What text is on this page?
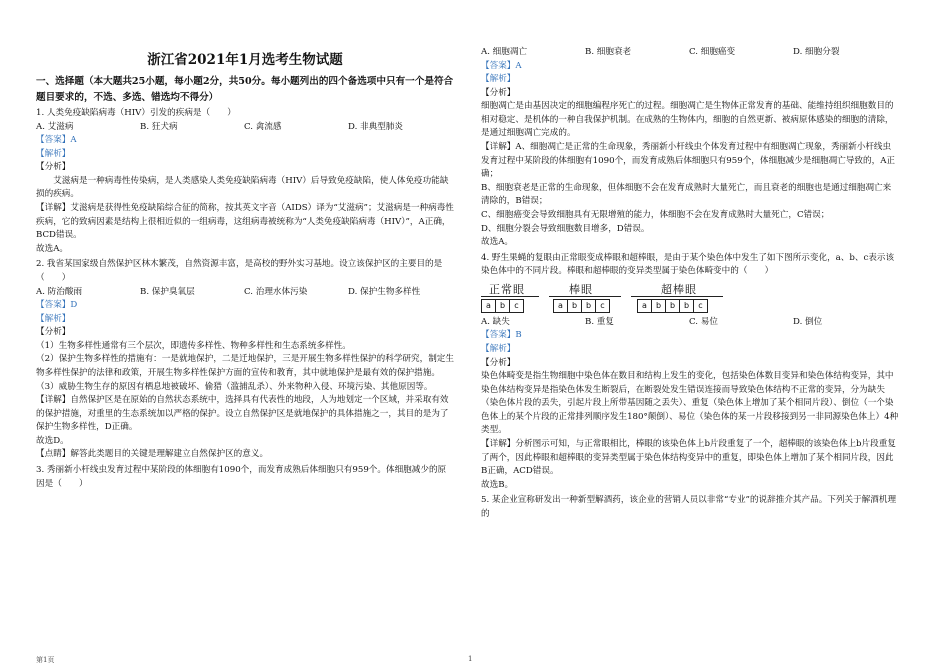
浙江省2021年1月选考生物试题

一、选择题（本大题共25小题，每小题2分，共50分。每小题列出的四个备选项中只有一个是符合题目要求的，不选、多选、错选均不得分）

1. 人类免疫缺陷病毒（HIV）引发的疾病是（　　）

A. 艾滋病	B. 狂犬病	C. 禽流感	D. 非典型肺炎

【答案】A

【解析】

【分析】

艾滋病是一种病毒性传染病，是人类感染人类免疫缺陷病毒（HIV）后导致免疫缺陷，使人体免疫功能缺损的疾病。

【详解】艾滋病是获得性免疫缺陷综合征的简称，按其英文字音（AIDS）译为“艾滋病”；艾滋病是一种病毒性疾病，它的致病因素是结构上很相近似的一组病毒，这组病毒被统称为“人类免疫缺陷病毒（HIV）”，A正确，BCD错误。

故选A。

2. 我省某国家级自然保护区林木繁茂，自然资源丰富，是高校的野外实习基地。设立该保护区的主要目的是（　　）

A. 防治酸雨	B. 保护臭氧层	C. 治理水体污染	D. 保护生物多样性

【答案】D

【解析】

【分析】

（1）生物多样性通常有三个层次，即遗传多样性、物种多样性和生态系统多样性。

（2）保护生物多样性的措施有：一是就地保护，二是迁地保护，三是开展生物多样性保护的科学研究，制定生物多样性保护的法律和政策，开展生物多样性保护方面的宣传和教育，其中就地保护是最有效的保护措施。

（3）威胁生物生存的原因有栖息地被破坏、偷猎（滥捕乱杀）、外来物种入侵、环境污染、其他原因等。

【详解】自然保护区是在原始的自然状态系统中，选择具有代表性的地段，人为地划定一个区域，并采取有效的保护措施，对重里的生态系统加以严格的保护。设立自然保护区是就地保护的具体措施之一，其目的是为了保护生物多样性，D正确。

故选D。

【点睛】解答此类题目的关键是理解建立自然保护区的意义。

3. 秀丽新小杆线虫发育过程中某阶段的体细胞有1090个，而发育成熟后体细胞只有959个。体细胞减少的原因是（　　）

A. 细胞凋亡	B. 细胞衰老	C. 细胞癌变	D. 细胞分裂

【答案】A

【解析】

【分析】

细胞凋亡是由基因决定的细胞编程序死亡的过程。细胞凋亡是生物体正常发育的基础、能维持组织细胞数目的相对稳定、是机体的一种自我保护机制。在成熟的生物体内，细胞的自然更新、被病原体感染的细胞的清除，是通过细胞凋亡完成的。

【详解】A、细胞凋亡是正常的生命现象，秀丽新小杆线虫个体发育过程中有细胞凋亡现象，秀丽新小杆线虫发育过程中某阶段的体细胞有1090个，而发育成熟后体细胞只有959个，体细胞减少是细胞凋亡导致的，A正确；

B、细胞衰老是正常的生命现象，但体细胞不会在发育成熟时大量死亡，而且衰老的细胞也是通过细胞凋亡来清除的，B错误；

C、细胞癌变会导致细胞具有无限增殖的能力，体细胞不会在发育成熟时大量死亡，C错误；

D、细胞分裂会导致细胞数目增多，D错误。

故选A。

4. 野生果蝇的复眼由正常眼变成棒眼和超棒眼，是由于某个染色体中发生了如下图所示变化，a、b、c表示该染色体中的不同片段。棒眼和超棒眼的变异类型属于染色体畸变中的（　　）

正常眼
a	b	c
棒眼
a	b	b	c
超棒眼
a	b	b	b	c
A. 缺失	B. 重复	C. 易位	D. 倒位

【答案】B

【解析】

【分析】

染色体畸变是指生物细胞中染色体在数目和结构上发生的变化，包括染色体数目变异和染色体结构变异，其中染色体结构变异是指染色体发生断裂后，在断裂处发生错误连接而导致染色体结构不正常的变异，分为缺失（染色体片段的丢失，引起片段上所带基因随之丢失）、重复（染色体上增加了某个相同片段）、倒位（一个染色体上的某个片段的正常排列顺序发生180°颠倒）、易位（染色体的某一片段移接到另一非同源染色体上）4种类型。

【详解】分析图示可知，与正常眼相比，棒眼的该染色体上b片段重复了一个，超棒眼的该染色体上b片段重复了两个，因此棒眼和超棒眼的变异类型属于染色体结构变异中的重复，即染色体上增加了某个相同片段，因此B正确，ACD错误。

故选B。

5. 某企业宣称研发出一种新型解酒药，该企业的营销人员以非常“专业”的说辞推介其产品。下列关于解酒机理的

第1页	1
